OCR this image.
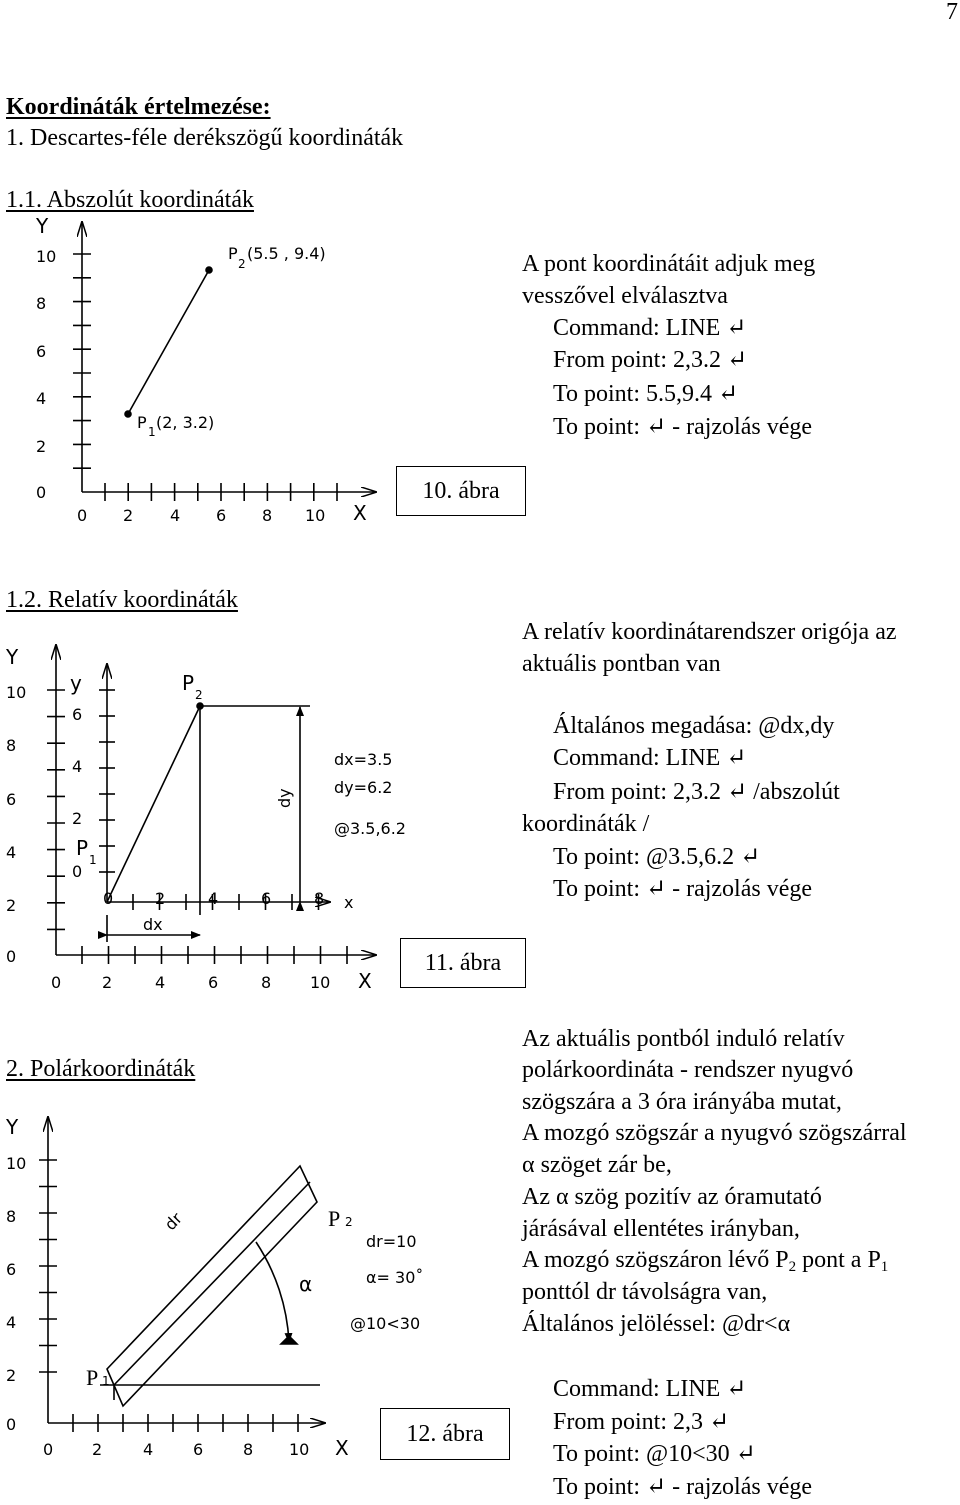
7
Koordináták értelmezése:
1. Descartes-féle derékszögű koordináták
1.1. Abszolút koordináták
A pont koordinátáit adjuk meg
vesszővel elválasztva
Command: LINE ↵
From point: 2,3.2 ↵
To point: 5.5,9.4 ↵
To point: ↵ - rajzolás vége
10. ábra
1.2. Relatív koordináták
A relatív koordinátarendszer origója az
aktuális pontban van
Általános megadása: @dx,dy
Command: LINE ↵
From point: 2,3.2 ↵ /abszolút
koordináták /
To point: @3.5,6.2 ↵
To point: ↵ - rajzolás vége
11. ábra
2. Polárkoordináták
Az aktuális pontból induló relatív
polárkoordináta - rendszer nyugvó
szögszára a 3 óra irányába mutat,
A mozgó szögszár a nyugvó szögszárral
α szöget zár be,
Az α szög pozitív az óramutató
járásával ellentétes irányban,
A mozgó szögszáron lévő $P_2$ pont a $P_1$
ponttól dr távolságra van,
Általános jelöléssel: @dr<α
Command: LINE ↵
From point: 2,3 ↵
To point: @10<30 ↵
To point: ↵ - rajzolás vége
12. ábra
Y
X
10
8
6
4
2
0
0 2 4 6 8 10
P 1 (2, 3.2)
P
2
(5.5 , 9.4)
Y
X
y
x
10
8
6
4
2
0
0	2	4	6	8 10
6
4
2
0
0	2	4	6	8
P 1
P 2
dx
dy
dx=3.5
dy=6.2
@3.5,6.2
Y
X
10
8
6
4
2
0
0 2	4 6 8 10
P 1
P 2
dr
α
dr=10
α= 30˚
@10<30
